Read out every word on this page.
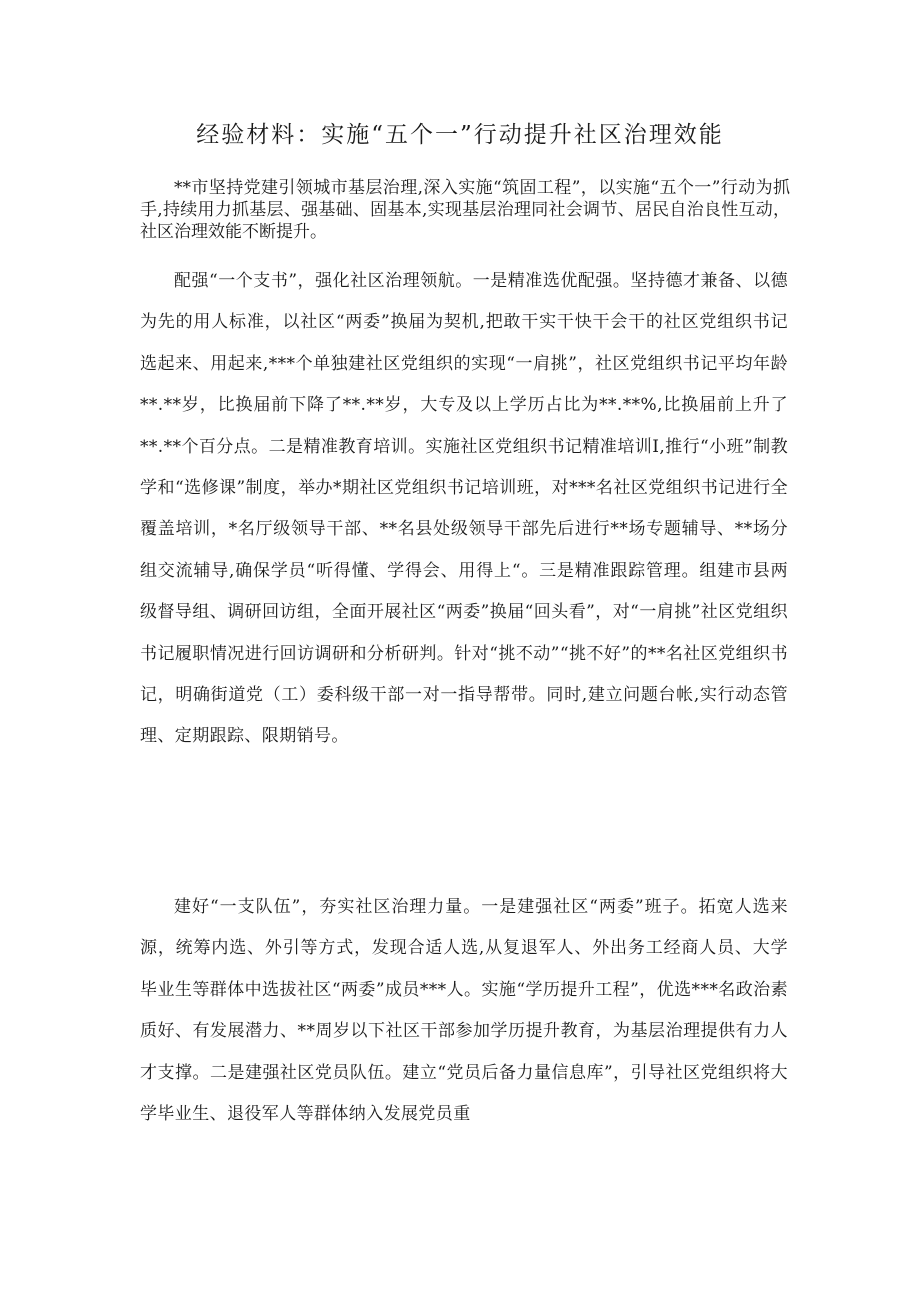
经验材料：实施“五个一”行动提升社区治理效能

**市坚持党建引领城市基层治理,深入实施“筑固工程”，以实施“五个一”行动为抓手,持续用力抓基层、强基础、固基本,实现基层治理同社会调节、居民自治良性互动，社区治理效能不断提升。

配强“一个支书”，强化社区治理领航。一是精准选优配强。坚持德才兼备、以德为先的用人标准，以社区“两委”换届为契机,把敢干实干快干会干的社区党组织书记选起来、用起来,***个单独建社区党组织的实现“一肩挑”，社区党组织书记平均年龄**.**岁，比换届前下降了**.**岁，大专及以上学历占比为**.**%,比换届前上升了**.**个百分点。二是精准教育培训。实施社区党组织书记精准培训I,推行“小班”制教学和“选修课”制度，举办*期社区党组织书记培训班，对***名社区党组织书记进行全覆盖培训，*名厅级领导干部、**名县处级领导干部先后进行**场专题辅导、**场分组交流辅导,确保学员“听得懂、学得会、用得上“。三是精准跟踪管理。组建市县两级督导组、调研回访组，全面开展社区“两委”换届“回头看”，对“一肩挑”社区党组织书记履职情况进行回访调研和分析研判。针对“挑不动”“挑不好”的**名社区党组织书记，明确街道党（工）委科级干部一对一指导帮带。同时,建立问题台帐,实行动态管理、定期跟踪、限期销号。

建好“一支队伍”，夯实社区治理力量。一是建强社区“两委”班子。拓宽人选来源，统筹内选、外引等方式，发现合适人选,从复退军人、外出务工经商人员、大学毕业生等群体中选拔社区“两委”成员***人。实施“学历提升工程”，优选***名政治素质好、有发展潜力、**周岁以下社区干部参加学历提升教育，为基层治理提供有力人才支撑。二是建强社区党员队伍。建立“党员后备力量信息库”，引导社区党组织将大学毕业生、退役军人等群体纳入发展党员重
